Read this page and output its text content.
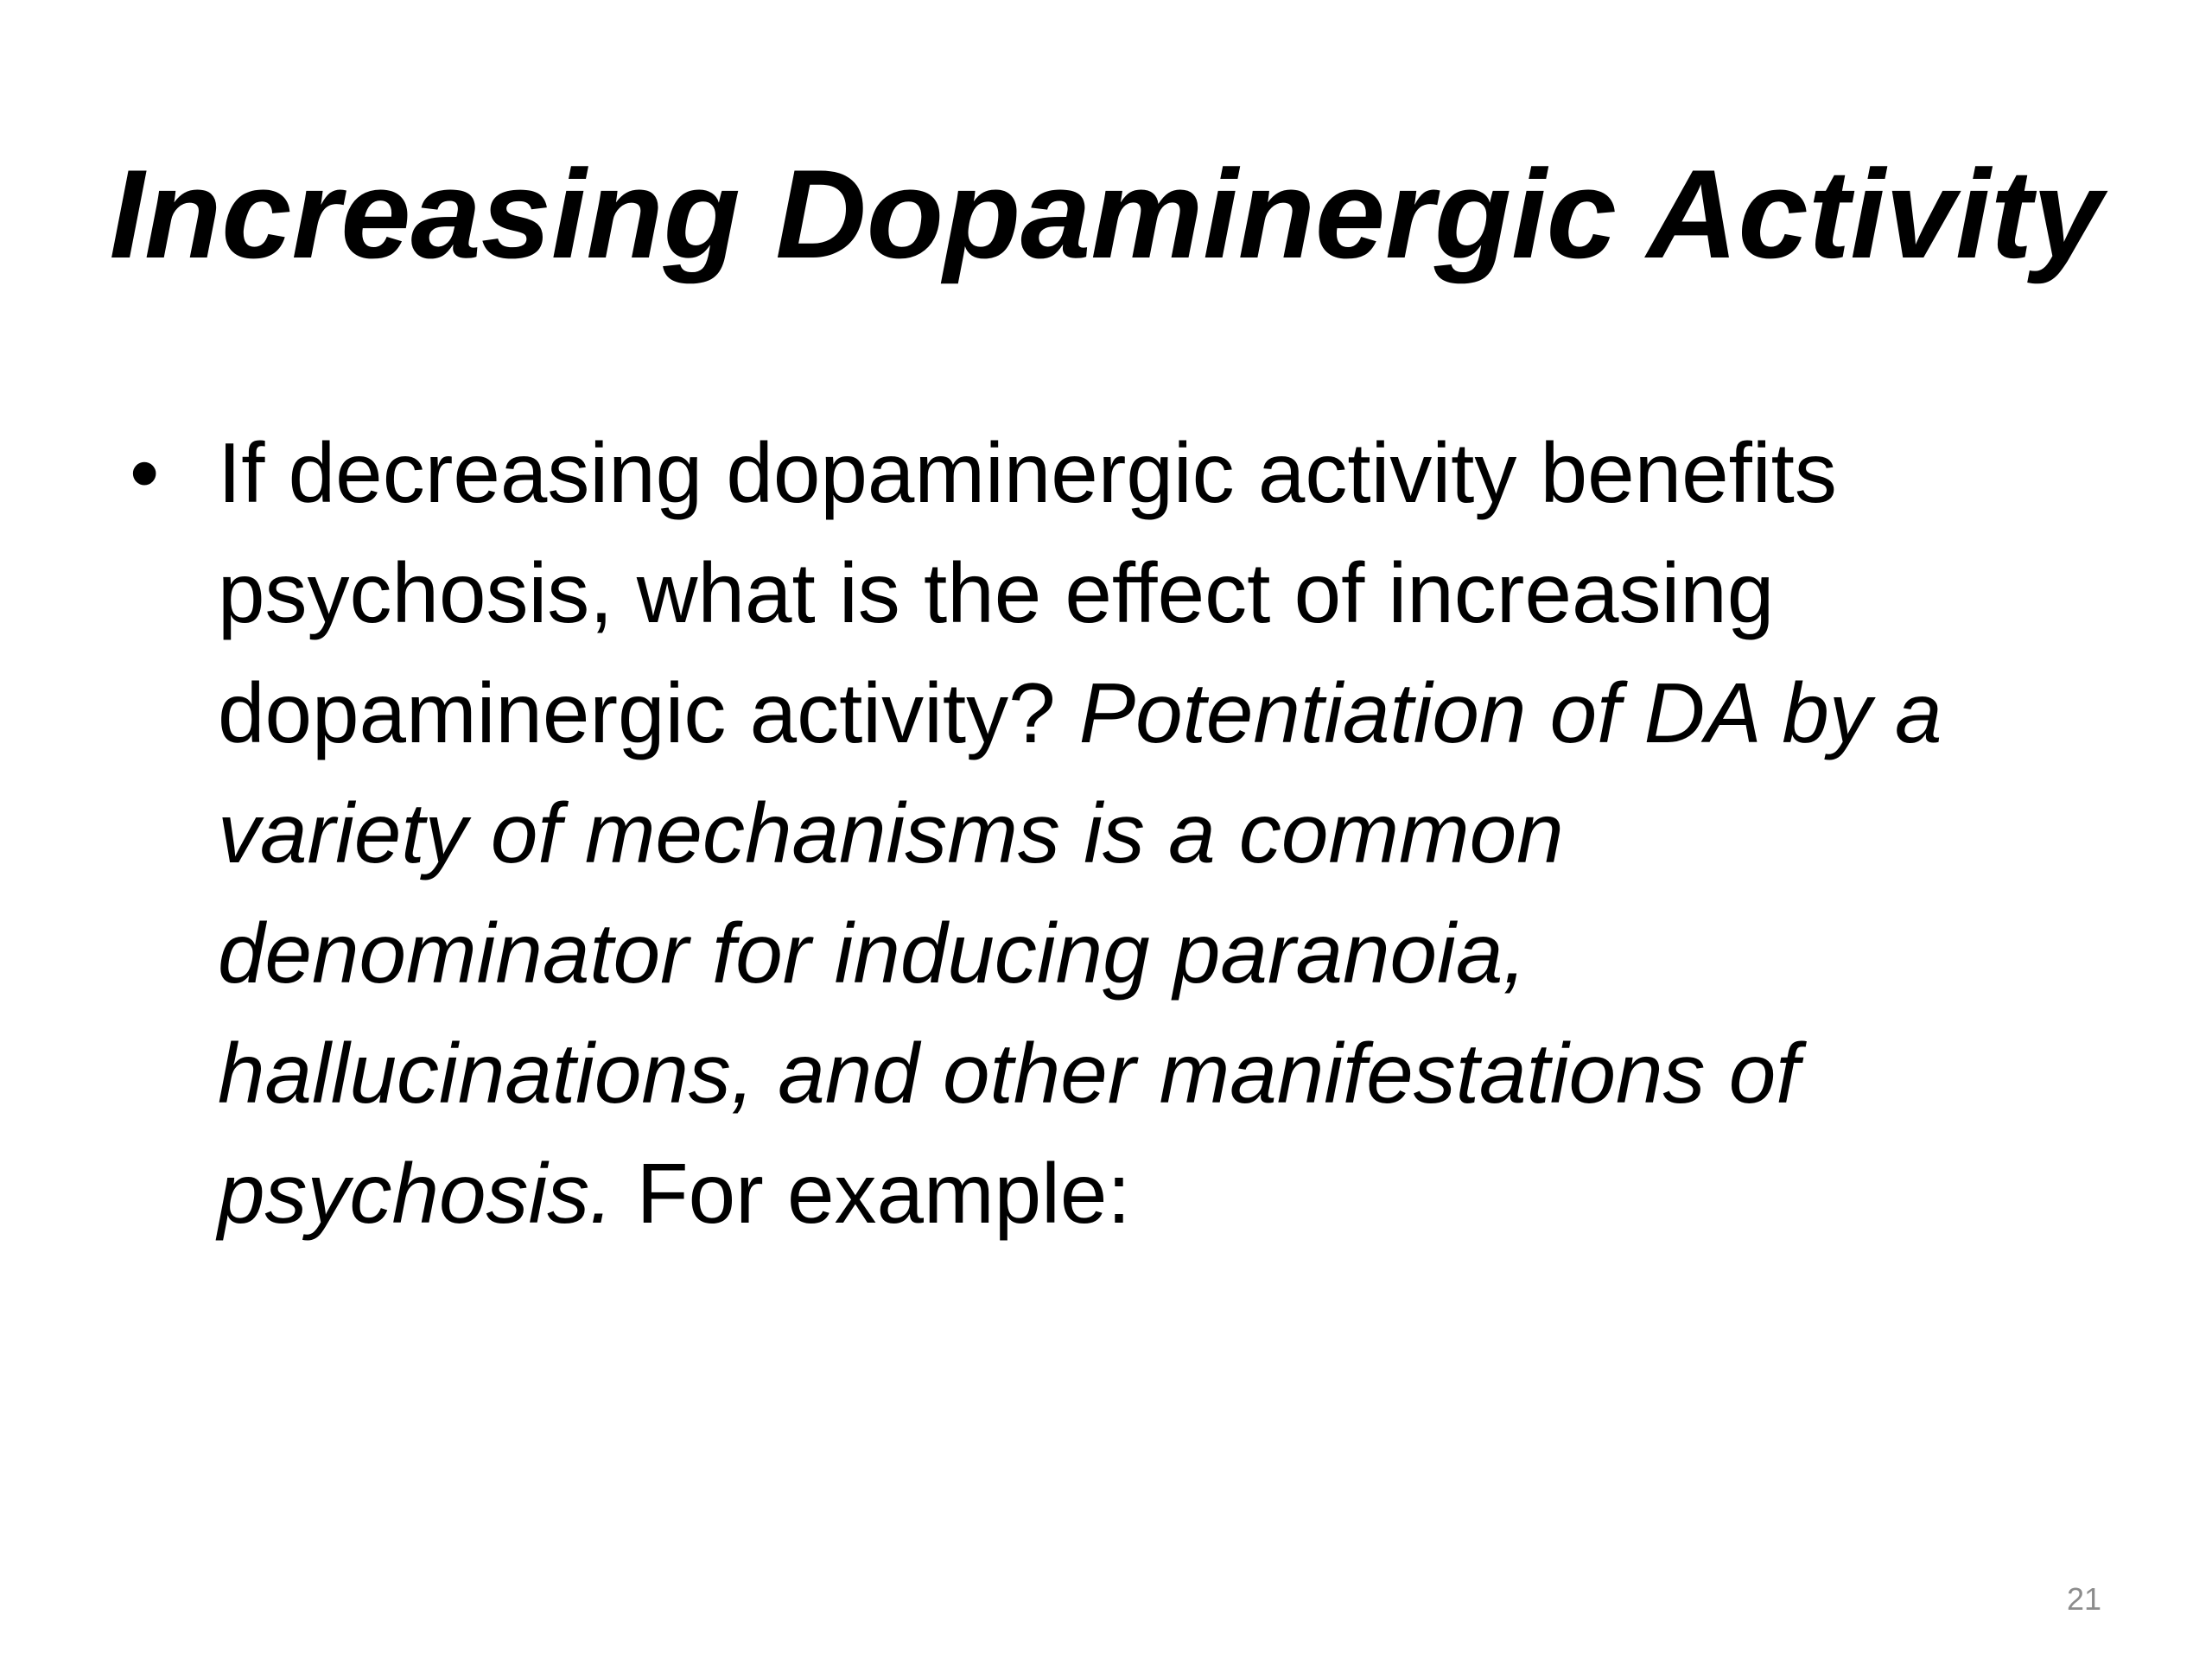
Increasing Dopaminergic Activity
• If decreasing dopaminergic activity benefits
psychosis, what is the effect of increasing
dopaminergic activity? Potentiation of DA by a
variety of mechanisms is a common
denominator for inducing paranoia,
hallucinations, and other manifestations of
psychosis. For example:
21
